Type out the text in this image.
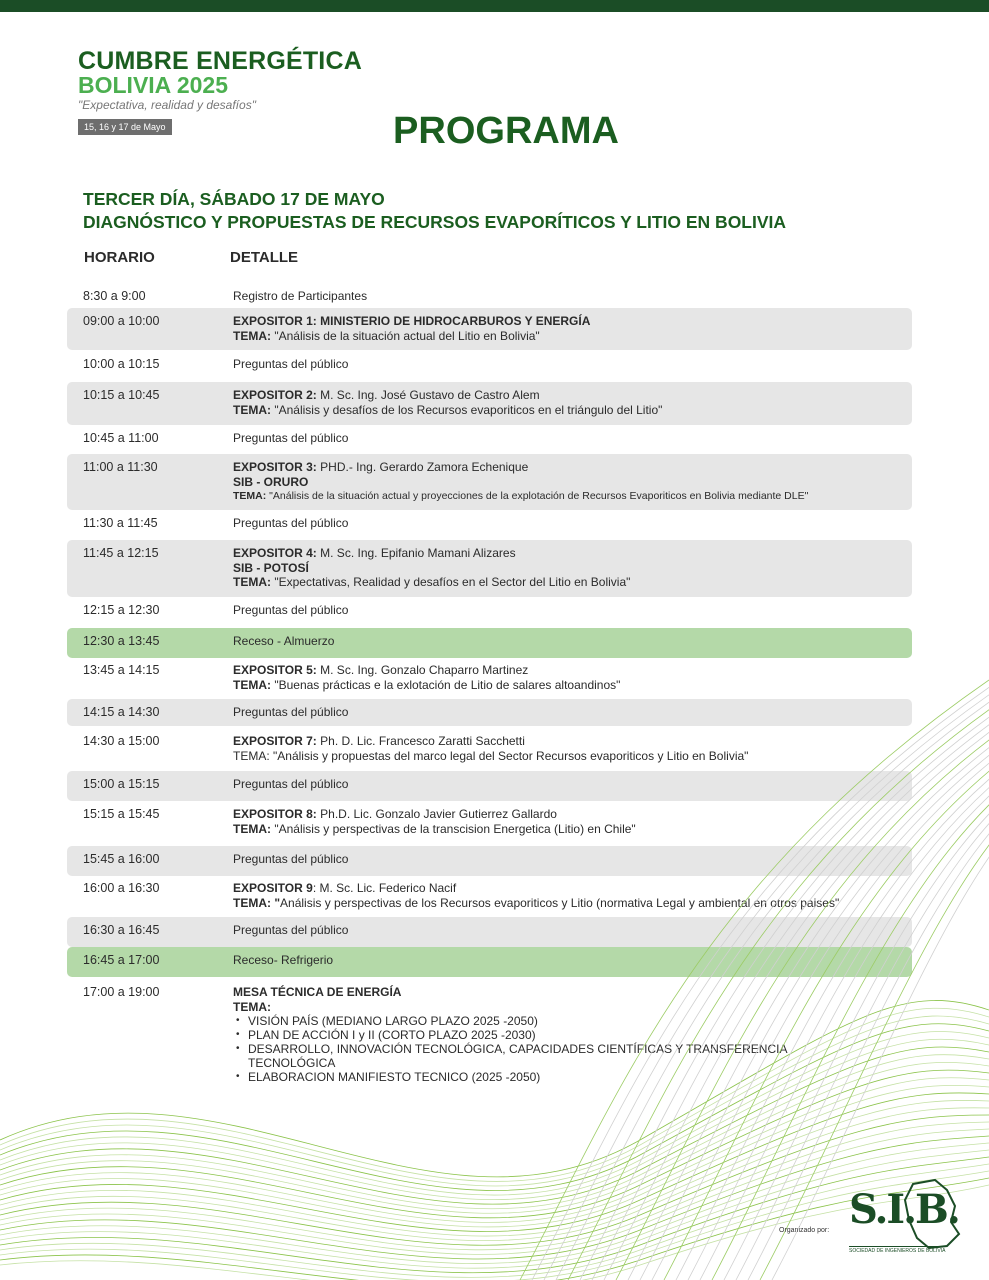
CUMBRE ENERGÉTICA
BOLIVIA 2025
"Expectativa, realidad y desafíos"
15, 16 y 17 de Mayo	PROGRAMA
TERCER DÍA, SÁBADO 17 DE MAYO
DIAGNÓSTICO Y PROPUESTAS DE RECURSOS EVAPORÍTICOS Y LITIO EN BOLIVIA
HORARIO	DETALLE
8:30 a 9:00	Registro de Participantes
09:00 a 10:00	EXPOSITOR 1: MINISTERIO DE HIDROCARBUROS Y ENERGÍA
TEMA: "Análisis de la situación actual del Litio en Bolivia"
10:00 a 10:15	Preguntas del público
10:15 a 10:45	EXPOSITOR 2: M. Sc. Ing. José Gustavo de Castro Alem
TEMA: "Análisis y desafíos de los Recursos evaporiticos en el triángulo del Litio"
10:45 a 11:00	Preguntas del público
11:00 a 11:30	EXPOSITOR 3: PHD.- Ing. Gerardo Zamora Echenique
SIB - ORURO
TEMA: "Análisis de la situación actual y proyecciones de la explotación de Recursos Evaporiticos en Bolivia mediante DLE"
11:30 a 11:45	Preguntas del público
11:45 a 12:15	EXPOSITOR 4: M. Sc. Ing. Epifanio Mamani Alizares
SIB - POTOSÍ
TEMA: "Expectativas, Realidad y desafíos en el Sector del Litio en Bolivia"
12:15 a 12:30	Preguntas del público
12:30 a 13:45	Receso - Almuerzo
13:45 a 14:15	EXPOSITOR 5: M. Sc. Ing. Gonzalo Chaparro Martinez
TEMA: "Buenas prácticas e la exlotación de Litio de salares altoandinos"
14:15 a 14:30	Preguntas del público
14:30 a 15:00	EXPOSITOR 7: Ph. D. Lic. Francesco Zaratti Sacchetti
TEMA: "Análisis y propuestas del marco legal del Sector Recursos evaporiticos y Litio en Bolivia"
15:00 a 15:15	Preguntas del público
15:15 a 15:45	EXPOSITOR 8: Ph.D. Lic. Gonzalo Javier Gutierrez Gallardo
TEMA: "Análisis y perspectivas de la transcision Energetica (Litio) en Chile"
15:45 a 16:00	Preguntas del público
16:00 a 16:30	EXPOSITOR 9: M. Sc. Lic. Federico Nacif
TEMA: "Análisis y perspectivas de los Recursos evaporiticos y Litio (normativa Legal y ambiental en otros paises"
16:30 a 16:45	Preguntas del público
16:45 a 17:00	Receso- Refrigerio
17:00 a 19:00	MESA TÉCNICA DE ENERGÍA
TEMA:
• VISIÓN PAÍS (MEDIANO LARGO PLAZO 2025 -2050)
• PLAN DE ACCIÓN I y II (CORTO PLAZO 2025 -2030)
• DESARROLLO, INNOVACIÓN TECNOLÓGICA, CAPACIDADES CIENTÍFICAS Y TRANSFERENCIA TECNOLÓGICA
• ELABORACION MANIFIESTO TECNICO (2025 -2050)
Organizado por: S.I.B.
SOCIEDAD DE INGENIEROS DE BOLIVIA
